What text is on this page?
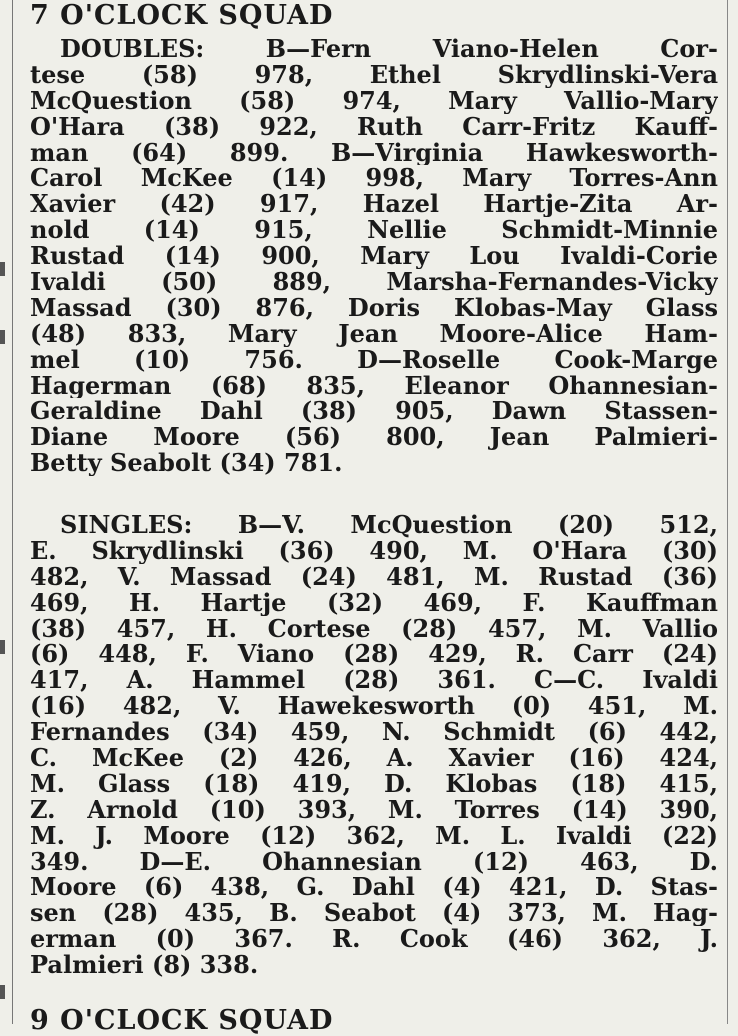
7 O'CLOCK SQUAD
DOUBLES: B—Fern Viano-Helen Cor-
tese (58) 978, Ethel Skrydlinski-Vera
McQuestion (58) 974, Mary Vallio-Mary
O'Hara (38) 922, Ruth Carr-Fritz Kauff-
man (64) 899. B—Virginia Hawkesworth-
Carol McKee (14) 998, Mary Torres-Ann
Xavier (42) 917, Hazel Hartje-Zita Ar-
nold (14) 915, Nellie Schmidt-Minnie
Rustad (14) 900, Mary Lou Ivaldi-Corie
Ivaldi (50) 889, Marsha-Fernandes-Vicky
Massad (30) 876, Doris Klobas-May Glass
(48) 833, Mary Jean Moore-Alice Ham-
mel (10) 756. D—Roselle Cook-Marge
Hagerman (68) 835, Eleanor Ohannesian-
Geraldine Dahl (38) 905, Dawn Stassen-
Diane Moore (56) 800, Jean Palmieri-
Betty Seabolt (34) 781.
SINGLES: B—V. McQuestion (20) 512,
E. Skrydlinski (36) 490, M. O'Hara (30)
482, V. Massad (24) 481, M. Rustad (36)
469, H. Hartje (32) 469, F. Kauffman
(38) 457, H. Cortese (28) 457, M. Vallio
(6) 448, F. Viano (28) 429, R. Carr (24)
417, A. Hammel (28) 361. C—C. Ivaldi
(16) 482, V. Hawekesworth (0) 451, M.
Fernandes (34) 459, N. Schmidt (6) 442,
C. McKee (2) 426, A. Xavier (16) 424,
M. Glass (18) 419, D. Klobas (18) 415,
Z. Arnold (10) 393, M. Torres (14) 390,
M. J. Moore (12) 362, M. L. Ivaldi (22)
349. D—E. Ohannesian (12) 463, D.
Moore (6) 438, G. Dahl (4) 421, D. Stas-
sen (28) 435, B. Seabot (4) 373, M. Hag-
erman (0) 367. R. Cook (46) 362, J.
Palmieri (8) 338.
9 O'CLOCK SQUAD
